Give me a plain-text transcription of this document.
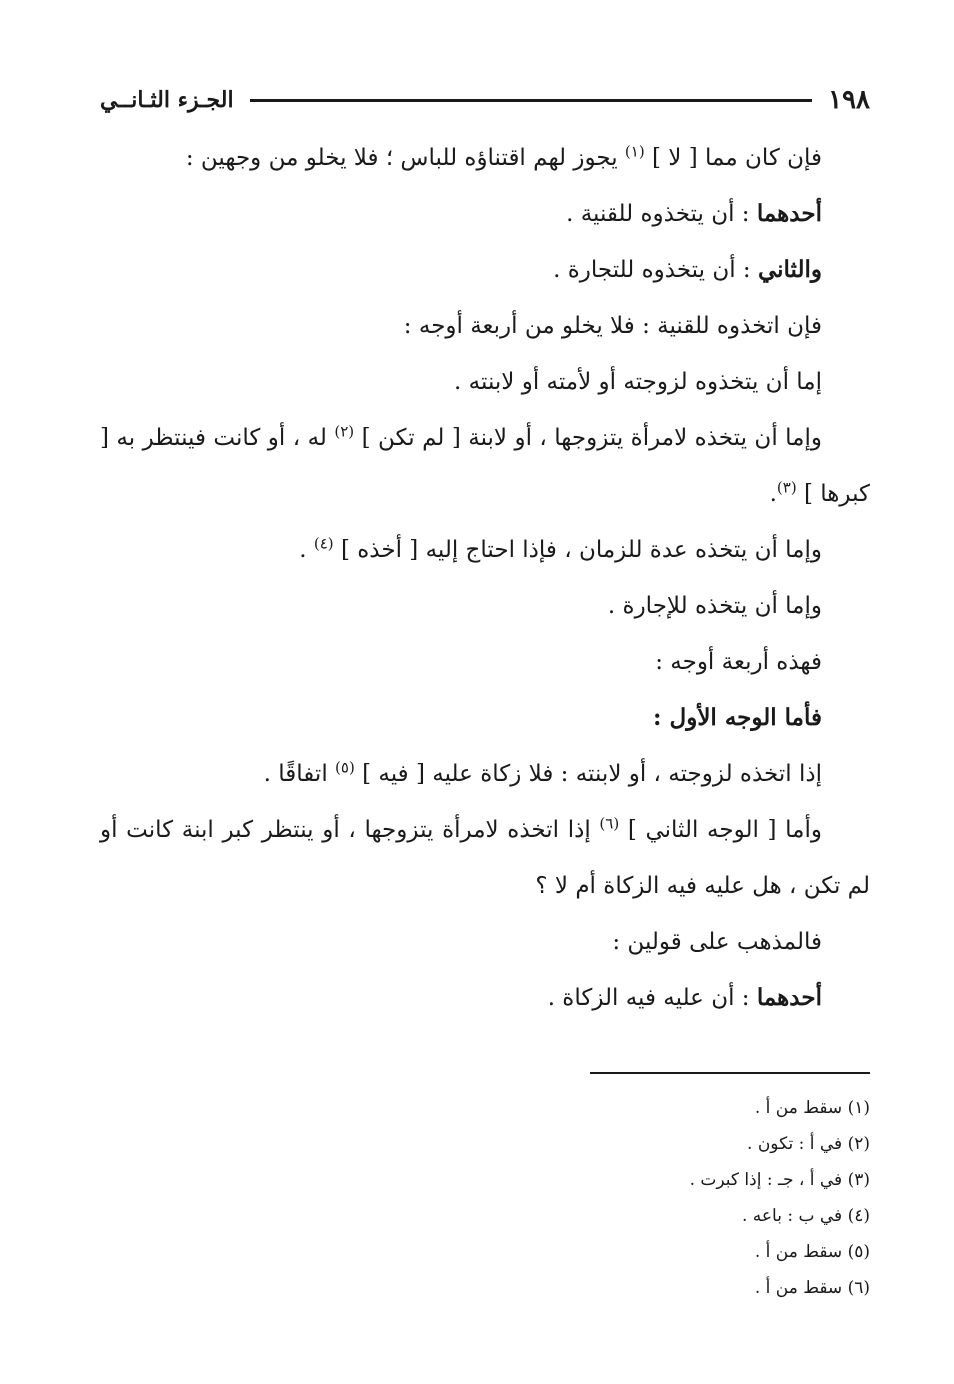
١٩٨
الجـزء الثـانــي

فإن كان مما [ لا ] $^{(١)}$ يجوز لهم اقتناؤه للباس ؛ فلا يخلو من وجهين :

أحدهما : أن يتخذوه للقنية .

والثاني : أن يتخذوه للتجارة .

فإن اتخذوه للقنية : فلا يخلو من أربعة أوجه :

إما أن يتخذوه لزوجته أو لأمته أو لابنته .

وإما أن يتخذه لامرأة يتزوجها ، أو لابنة [ لم تكن ] $^{(٢)}$ له ، أو كانت فينتظر به [ كبرها ] $^{(٣)}$.

وإما أن يتخذه عدة للزمان ، فإذا احتاج إليه [ أخذه ] $^{(٤)}$ .

وإما أن يتخذه للإجارة .

فهذه أربعة أوجه :

فأما الوجه الأول :

إذا اتخذه لزوجته ، أو لابنته : فلا زكاة عليه [ فيه ] $^{(٥)}$ اتفاقًا .

وأما [ الوجه الثاني ] $^{(٦)}$ إذا اتخذه لامرأة يتزوجها ، أو ينتظر كبر ابنة كانت أو لم تكن ، هل عليه فيه الزكاة أم لا ؟

فالمذهب على قولين :

أحدهما : أن عليه فيه الزكاة .

(١) سقط من أ .

(٢) في أ : تكون .

(٣) في أ ، جـ : إذا كبرت .

(٤) في ب : باعه .

(٥) سقط من أ .

(٦) سقط من أ .
